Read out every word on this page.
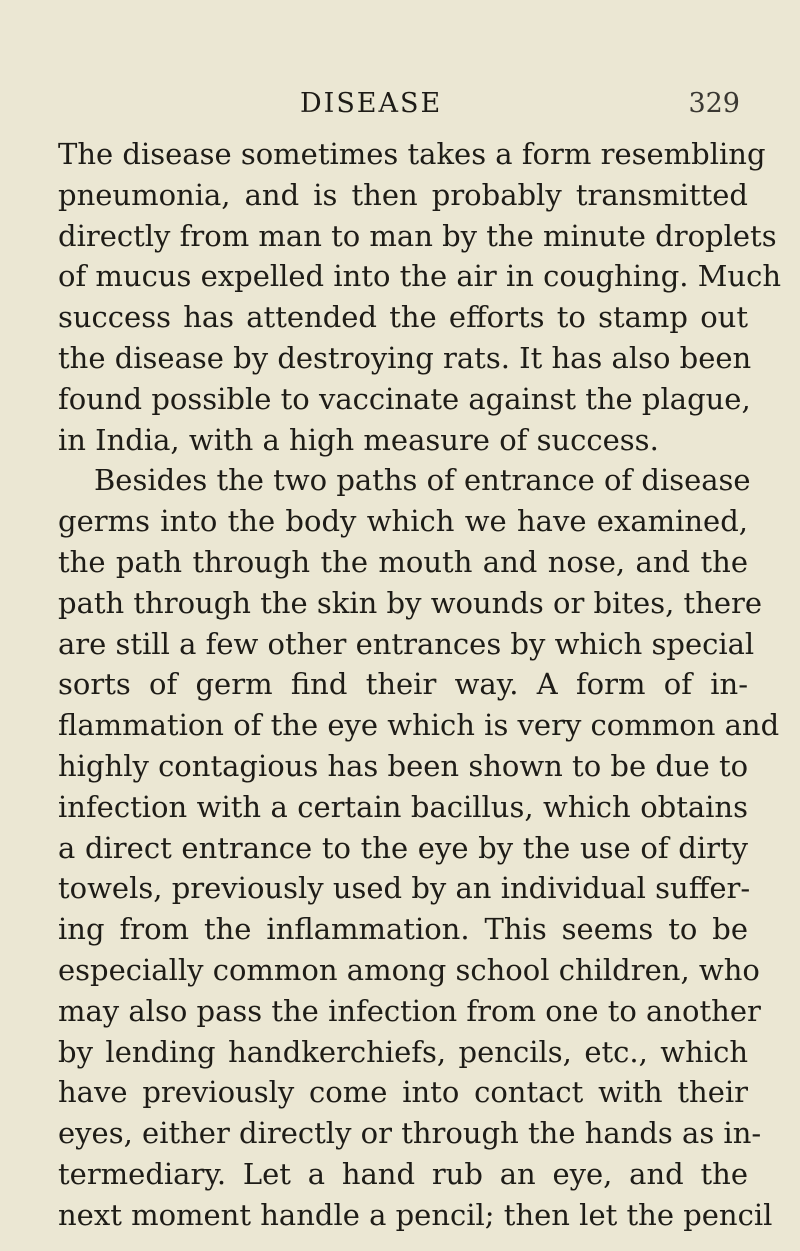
DISEASE	329
The disease sometimes takes a form resembling
pneumonia, and is then probably transmitted
directly from man to man by the minute droplets
of mucus expelled into the air in coughing. Much
success has attended the efforts to stamp out
the disease by destroying rats. It has also been
found possible to vaccinate against the plague,
in India, with a high measure of success.
Besides the two paths of entrance of disease
germs into the body which we have examined,
the path through the mouth and nose, and the
path through the skin by wounds or bites, there
are still a few other entrances by which special
sorts of germ find their way. A form of in-
flammation of the eye which is very common and
highly contagious has been shown to be due to
infection with a certain bacillus, which obtains
a direct entrance to the eye by the use of dirty
towels, previously used by an individual suffer-
ing from the inflammation. This seems to be
especially common among school children, who
may also pass the infection from one to another
by lending handkerchiefs, pencils, etc., which
have previously come into contact with their
eyes, either directly or through the hands as in-
termediary. Let a hand rub an eye, and the
next moment handle a pencil; then let the pencil
